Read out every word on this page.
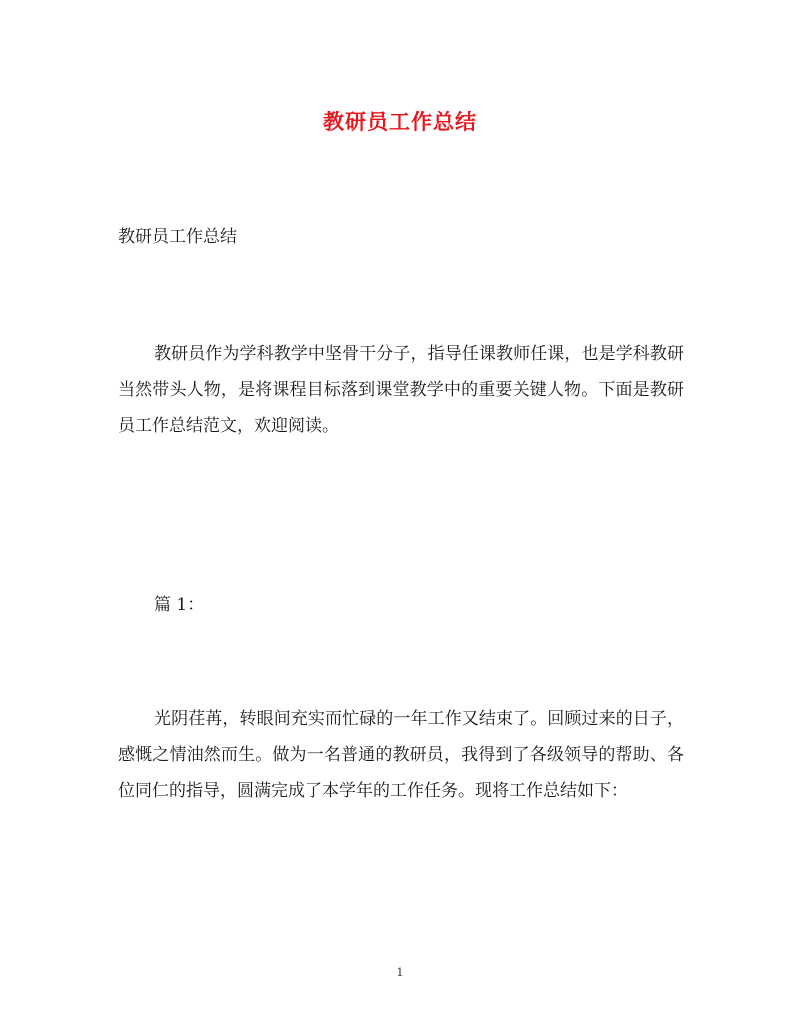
教研员工作总结
教研员工作总结

教研员作为学科教学中坚骨干分子，指导任课教师任课，也是学科教研当然带头人物，是将课程目标落到课堂教学中的重要关键人物。下面是教研员工作总结范文，欢迎阅读。

篇 1：

光阴荏苒，转眼间充实而忙碌的一年工作又结束了。回顾过来的日子，感慨之情油然而生。做为一名普通的教研员，我得到了各级领导的帮助、各位同仁的指导，圆满完成了本学年的工作任务。现将工作总结如下：

1
